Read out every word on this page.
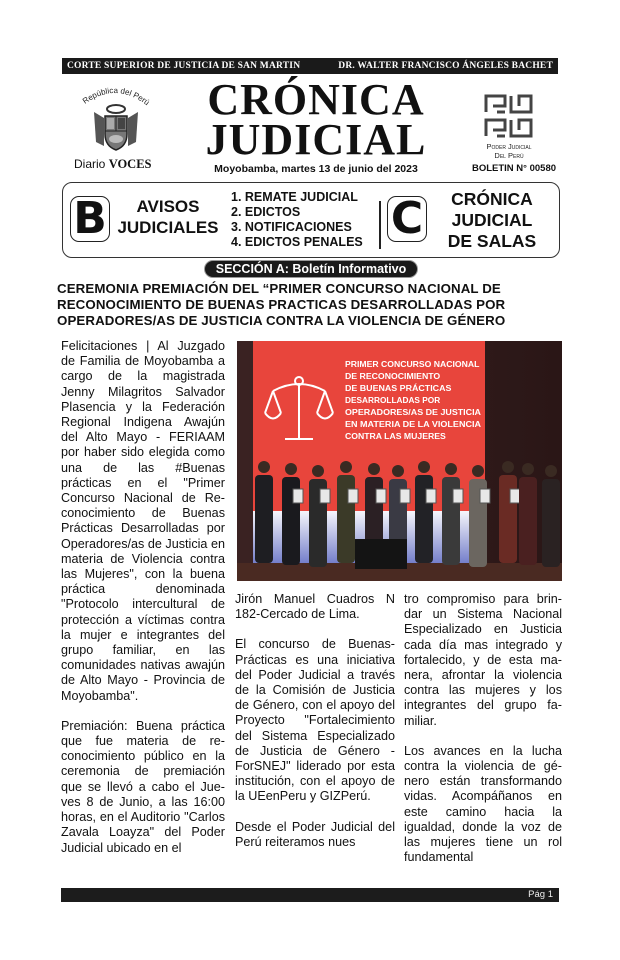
CORTE SUPERIOR DE JUSTICIA DE SAN MARTIN	DR. WALTER FRANCISCO ÁNGELES BACHET
República del Perú
Diario VOCES
CRÓNICA
JUDICIAL
Moyobamba, martes 13 de junio del 2023
Poder Judicial
Del Perú
BOLETIN N° 00580
B	AVISOS
JUDICIALES
1. REMATE JUDICIAL
2. EDICTOS
3. NOTIFICACIONES
4. EDICTOS PENALES C	CRÓNICA
JUDICIAL
DE SALAS
SECCIÓN A: Boletín Informativo
CEREMONIA PREMIACIÓN DEL “PRIMER CONCURSO NACIONAL DE RECONOCIMIENTO DE BUENAS PRACTICAS DESARROLLADAS POR OPERADORES/AS DE JUSTICIA CONTRA LA VIOLENCIA DE GÉNERO

Felicitaciones | Al Juzgado de Familia de Moyobamba a cargo de la magistrada Jenny Milagritos Salvador Plasencia y la Federación Regional Indigena Awajún del Alto Mayo - FERIAAM por haber sido elegida como una de las #Buenas prácticas en el "Primer Concurso Nacional de Reconocimiento de Buenas Prácticas Desarrolladas por Operadores/as de Justicia en materia de Violencia contra las Mujeres", con la buena práctica denominada "Protocolo intercultural de protección a víctimas contra la mujer e integrantes del grupo familiar, en las comunidades nativas awajún de Alto Mayo - Provincia de Moyobamba".

Premiación: Buena práctica que fue materia de reconocimiento público en la ceremonia de premiación que se llevó a cabo el Jueves 8 de Junio, a las 16:00 horas, en el Auditorio "Carlos Zavala Loayza" del Poder Judicial ubicado en el

PRIMER CONCURSO NACIONAL
DE RECONOCIMIENTO
DE BUENAS PRÁCTICAS
DESARROLLADAS POR
OPERADORES/AS DE JUSTICIA
EN MATERIA DE LA VIOLENCIA
CONTRA LAS MUJERES

Jirón Manuel Cuadros N 182-Cercado de Lima.

El concurso de Buenas-Prácticas es una iniciativa del Poder Judicial a través de la Comisión de Justicia de Género, con el apoyo del Proyecto "Fortalecimiento del Sistema Especializado de Justicia de Género - ForSNEJ" liderado por esta institución, con el apoyo de la UEenPeru y GIZPerú.

Desde el Poder Judicial del Perú reiteramos nues

tro compromiso para brindar un Sistema Nacional Especializado en Justicia cada día mas integrado y fortalecido, y de esta manera, afrontar la violencia contra las mujeres y los integrantes del grupo familiar.

Los avances en la lucha contra la violencia de género están transformando vidas. Acompáñanos en este camino hacia la igualdad, donde la voz de las mujeres tiene un rol fundamental

Pág 1
